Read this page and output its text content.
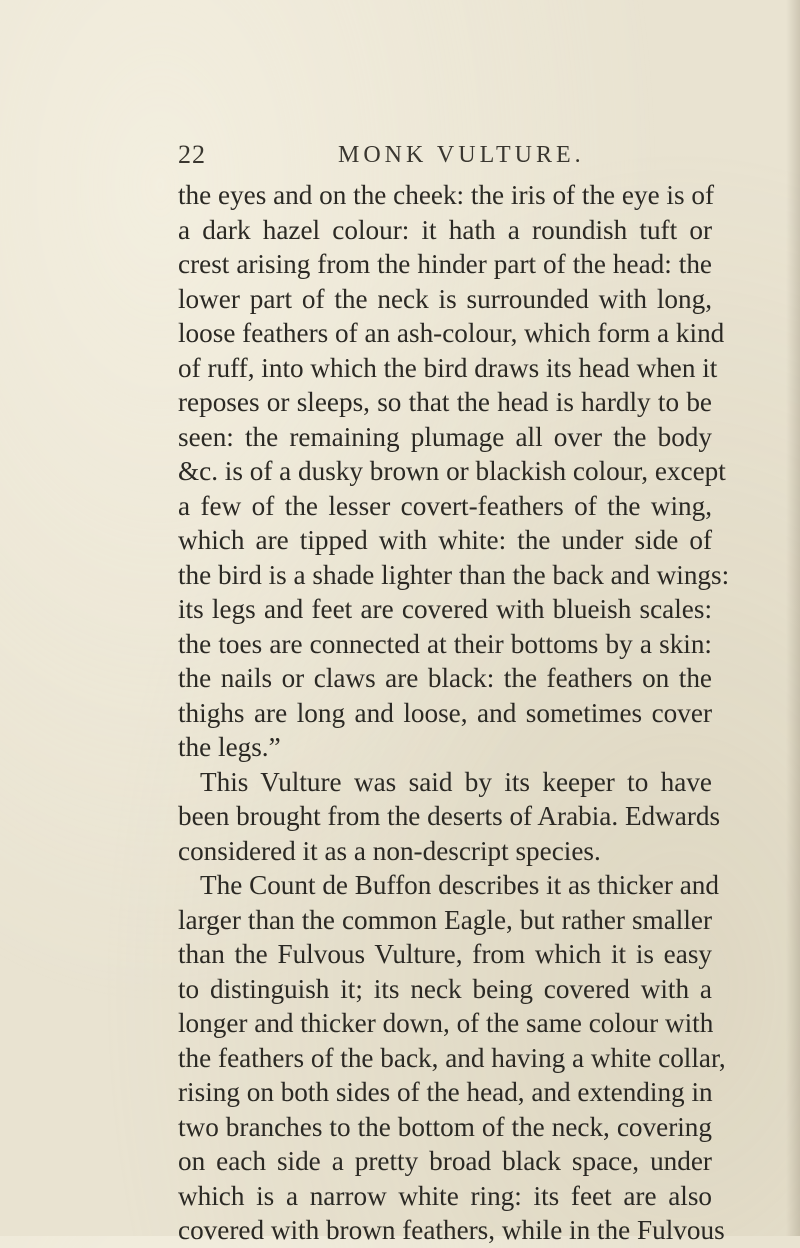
22	MONK VULTURE.
the eyes and on the cheek: the iris of the eye is of
a dark hazel colour: it hath a roundish tuft or
crest arising from the hinder part of the head: the
lower part of the neck is surrounded with long,
loose feathers of an ash-colour, which form a kind
of ruff, into which the bird draws its head when it
reposes or sleeps, so that the head is hardly to be
seen: the remaining plumage all over the body
&c. is of a dusky brown or blackish colour, except
a few of the lesser covert-feathers of the wing,
which are tipped with white: the under side of
the bird is a shade lighter than the back and wings:
its legs and feet are covered with blueish scales:
the toes are connected at their bottoms by a skin:
the nails or claws are black: the feathers on the
thighs are long and loose, and sometimes cover
the legs.”
This Vulture was said by its keeper to have
been brought from the deserts of Arabia. Edwards
considered it as a non-descript species.
The Count de Buffon describes it as thicker and
larger than the common Eagle, but rather smaller
than the Fulvous Vulture, from which it is easy
to distinguish it; its neck being covered with a
longer and thicker down, of the same colour with
the feathers of the back, and having a white collar,
rising on both sides of the head, and extending in
two branches to the bottom of the neck, covering
on each side a pretty broad black space, under
which is a narrow white ring: its feet are also
covered with brown feathers, while in the Fulvous
